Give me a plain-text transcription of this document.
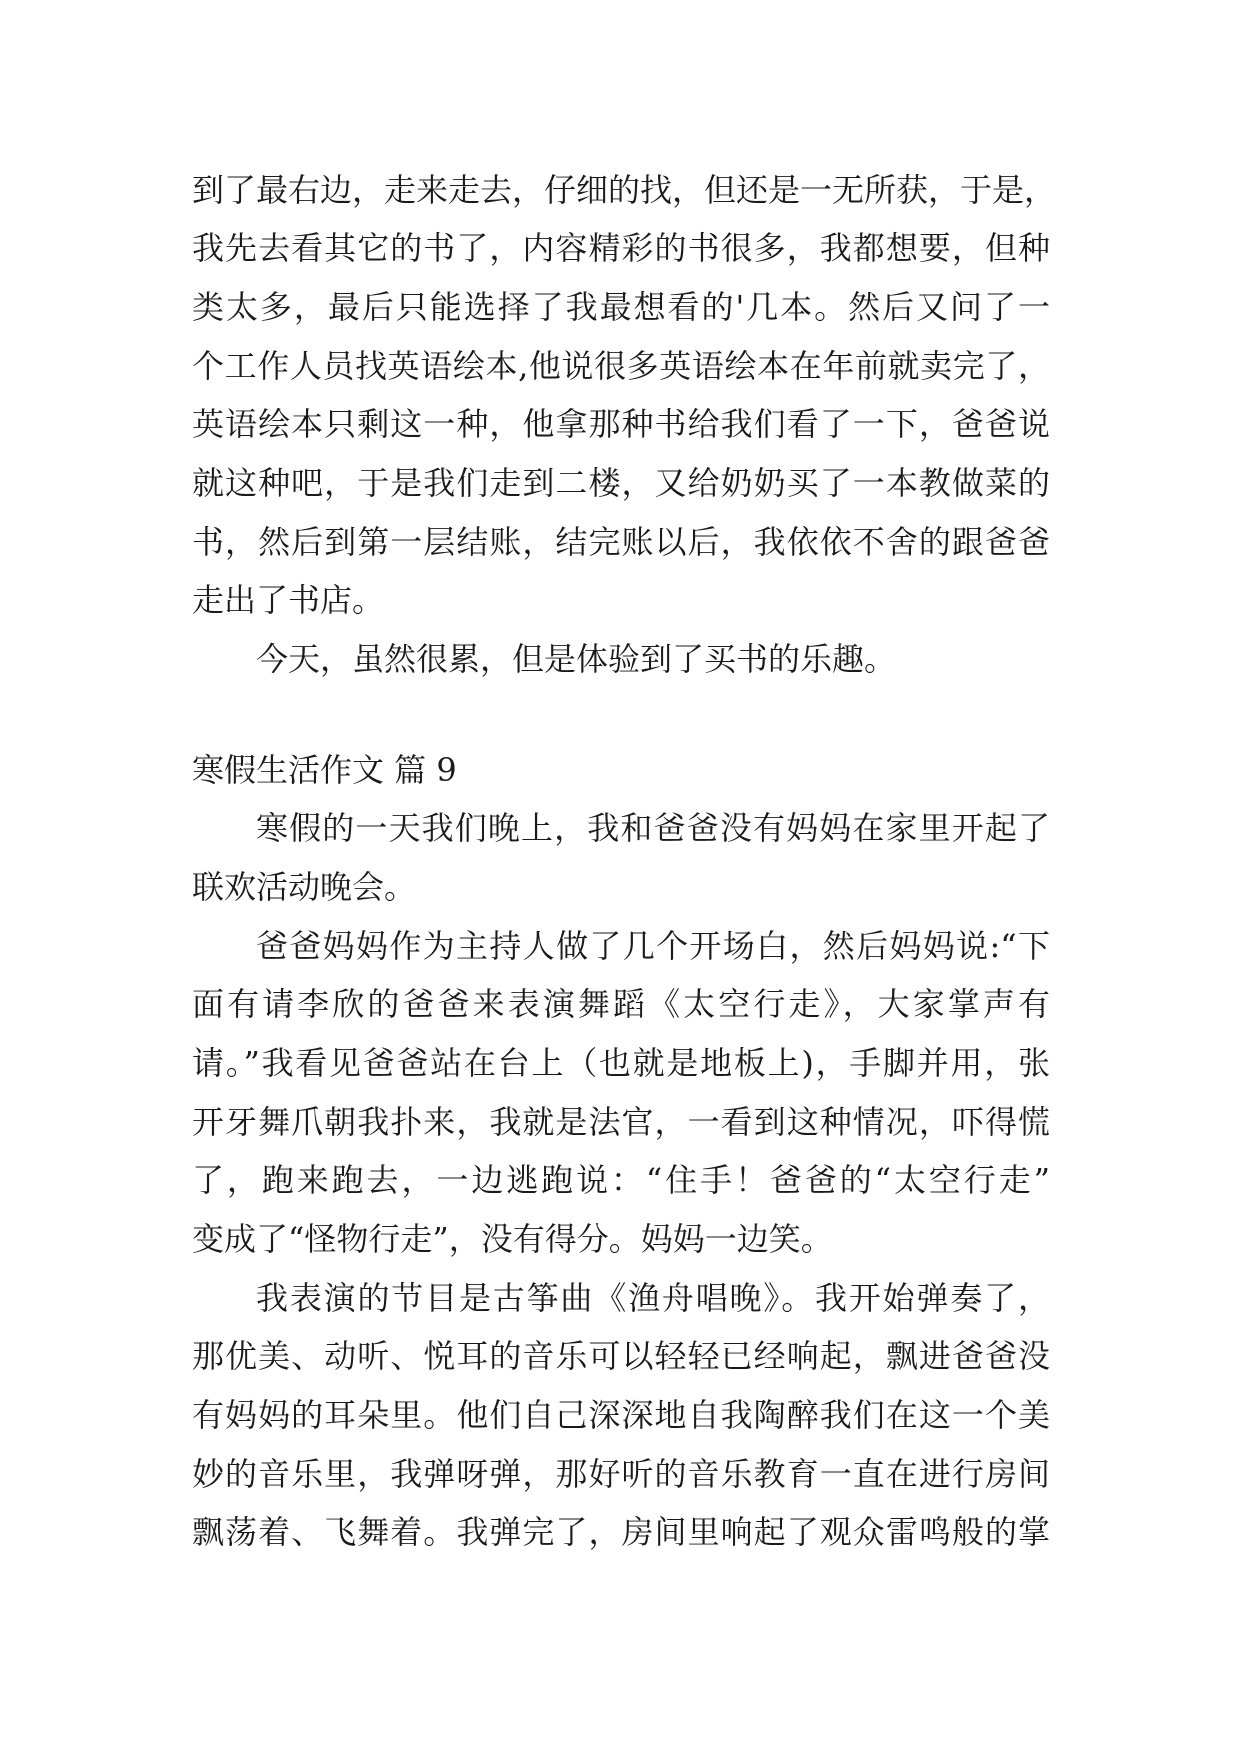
到了最右边，走来走去，仔细的找，但还是一无所获，于是，
我先去看其它的书了，内容精彩的书很多，我都想要，但种
类太多，最后只能选择了我最想看的'几本。然后又问了一
个工作人员找英语绘本,他说很多英语绘本在年前就卖完了，
英语绘本只剩这一种，他拿那种书给我们看了一下，爸爸说
就这种吧，于是我们走到二楼，又给奶奶买了一本教做菜的
书，然后到第一层结账，结完账以后，我依依不舍的跟爸爸
走出了书店。
今天，虽然很累，但是体验到了买书的乐趣。
寒假生活作文 篇 9
寒假的一天我们晚上，我和爸爸没有妈妈在家里开起了
联欢活动晚会。
爸爸妈妈作为主持人做了几个开场白，然后妈妈说:“下
面有请李欣的爸爸来表演舞蹈《太空行走》，大家掌声有
请。”我看见爸爸站在台上（也就是地板上)，手脚并用，张
开牙舞爪朝我扑来，我就是法官，一看到这种情况，吓得慌
了，跑来跑去，一边逃跑说：“住手！爸爸的“太空行走”
变成了“怪物行走”，没有得分。妈妈一边笑。
我表演的节目是古筝曲《渔舟唱晚》。我开始弹奏了，
那优美、动听、悦耳的音乐可以轻轻已经响起，飘进爸爸没
有妈妈的耳朵里。他们自己深深地自我陶醉我们在这一个美
妙的音乐里，我弹呀弹，那好听的音乐教育一直在进行房间
飘荡着、飞舞着。我弹完了，房间里响起了观众雷鸣般的掌
